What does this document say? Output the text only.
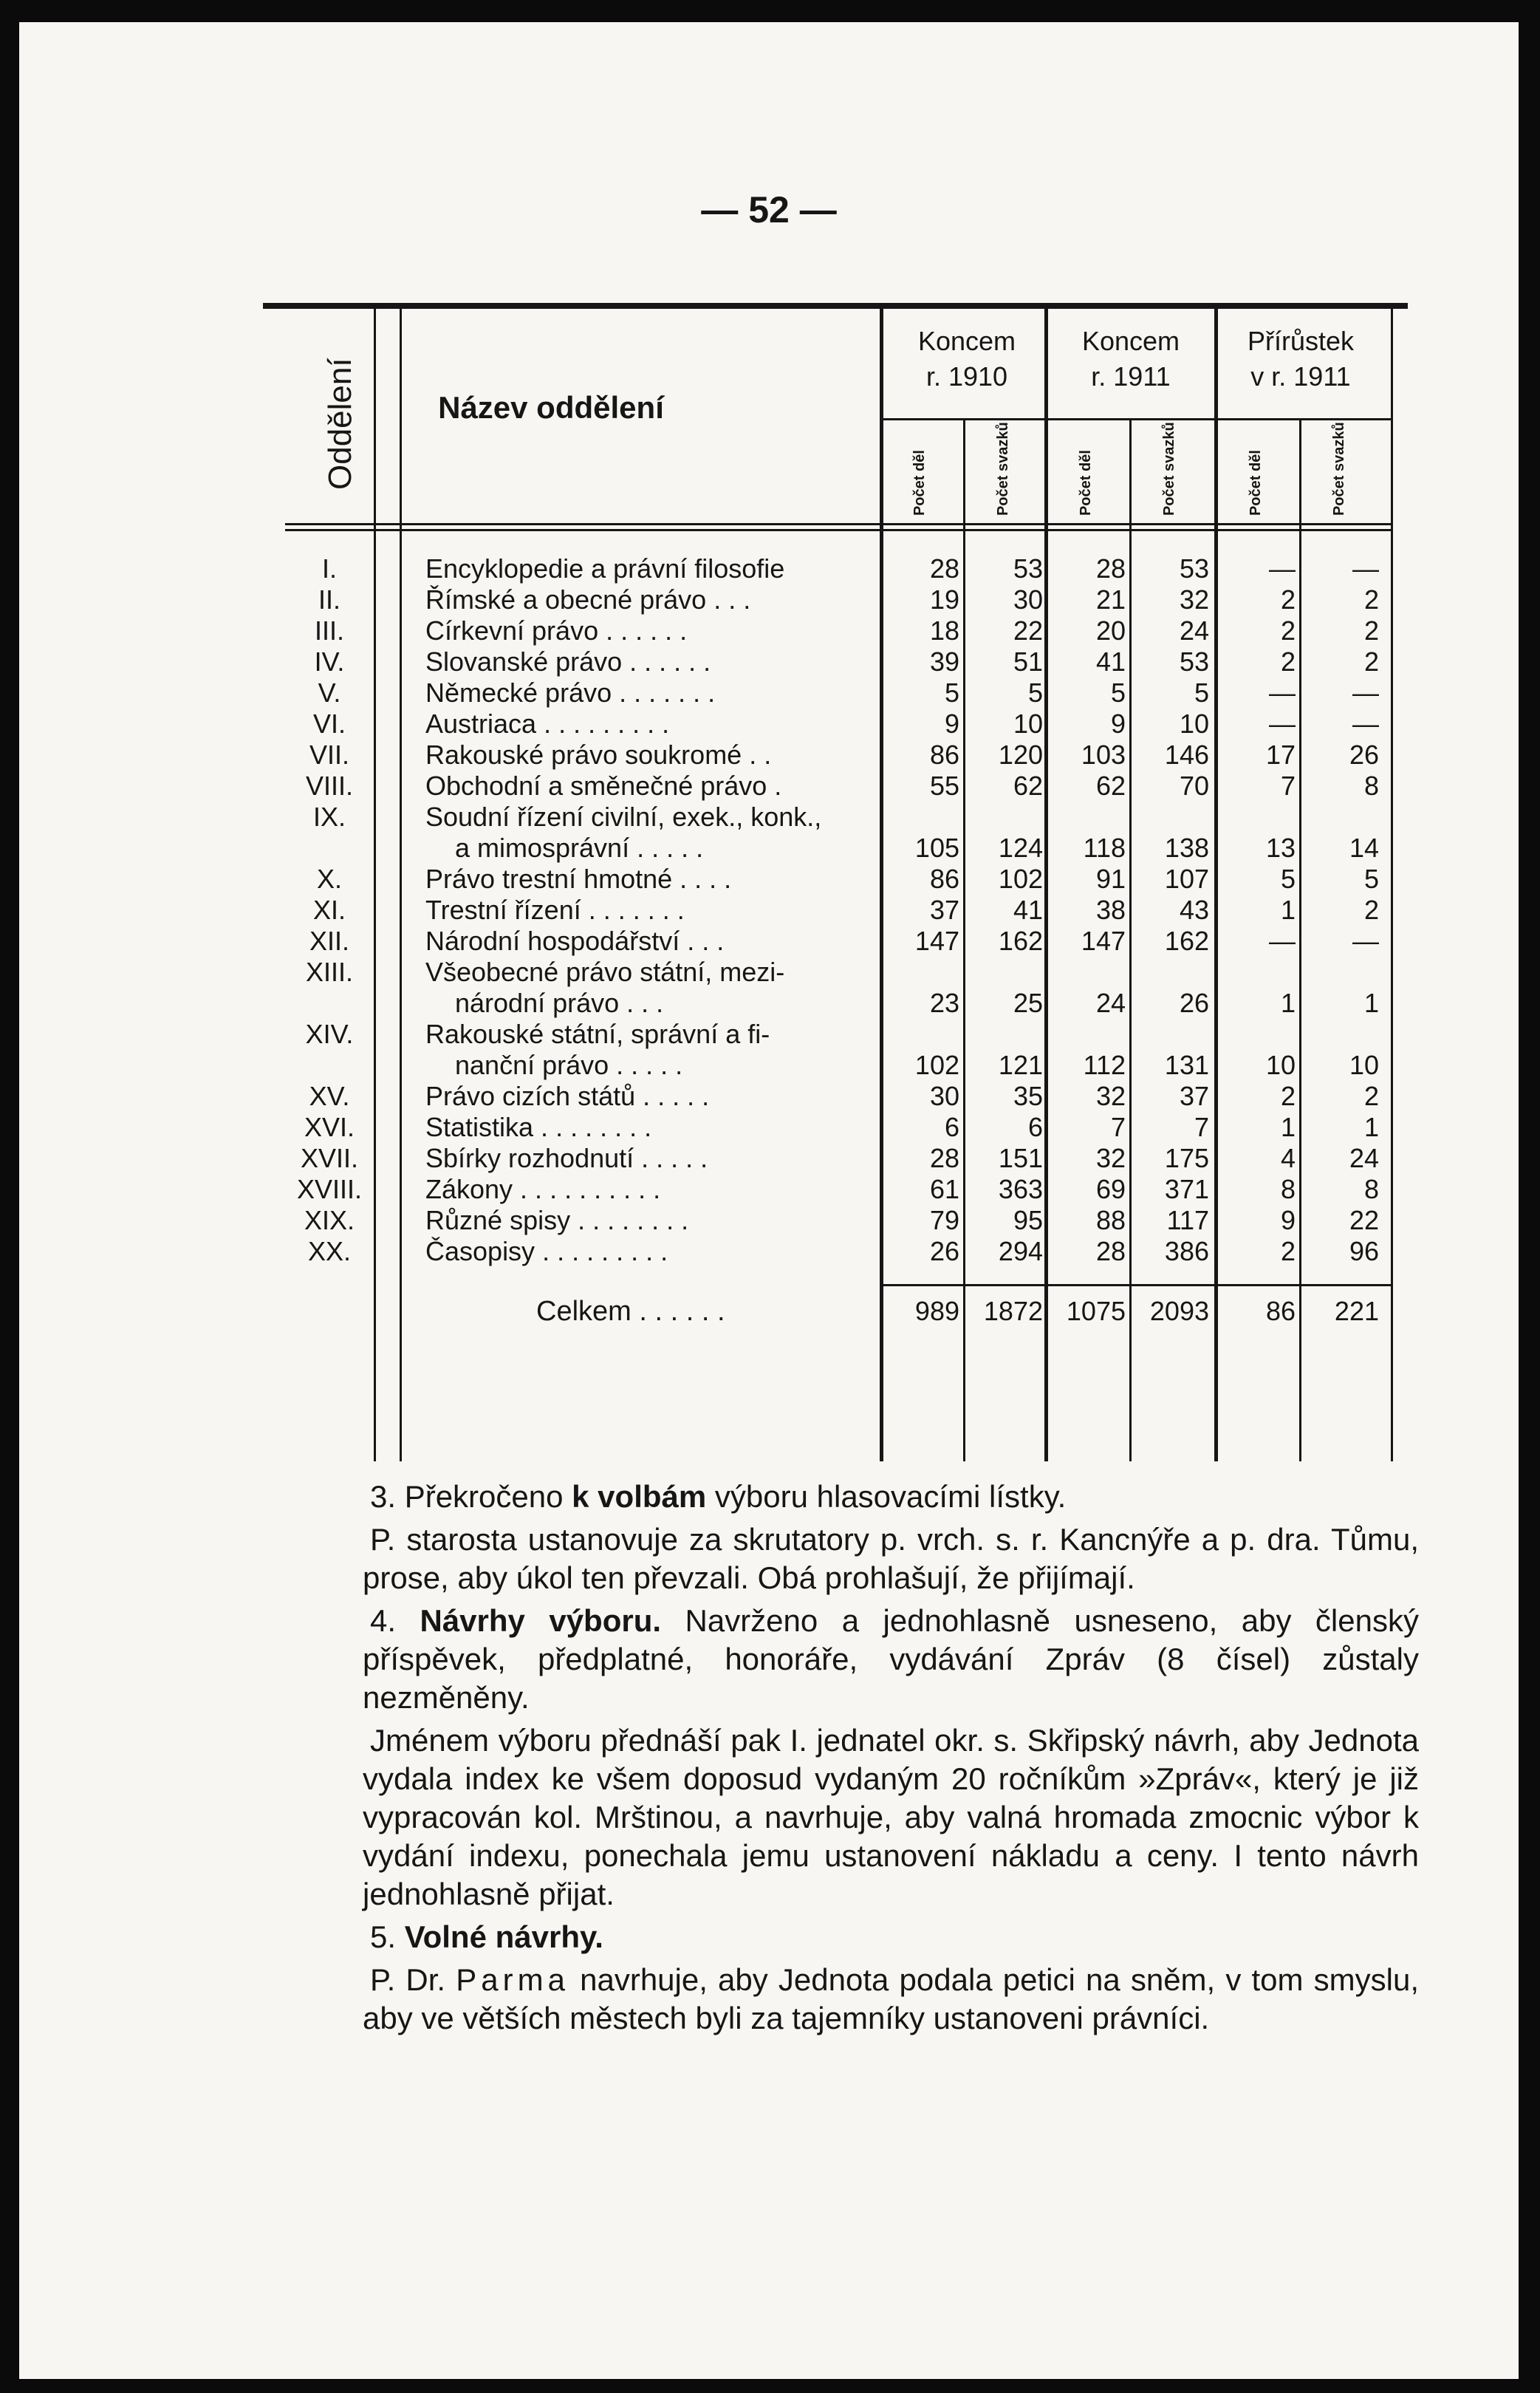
— 52 —
Oddělení	Název oddělení
Koncem
r. 1910
Koncem
r. 1911
Přírůstek
v r. 1911
Počet děl	Počet svazků	Počet děl	Počet svazků	Počet děl	Počet svazků
I.	Encyklopedie a právní filosofie	28	53	28	53	—	—
II.	Římské a obecné právo . . .	19	30	21	32	2	2
III.	Církevní právo . . . . . .	18	22	20	24	2	2
IV.	Slovanské právo . . . . . .	39	51	41	53	2	2
V.	Německé právo . . . . . . .	5	5	5	5	—	—
VI.	Austriaca . . . . . . . . .	9	10	9	10	—	—
VII.	Rakouské právo soukromé . .	86	120	103	146	17	26
VIII.	Obchodní a směnečné právo .	55	62	62	70	7	8
IX.	Soudní řízení civilní, exek., konk.,
a mimosprávní . . . . .	105	124	118	138	13	14
X.	Právo trestní hmotné . . . .	86	102	91	107	5	5
XI.	Trestní řízení . . . . . . .	37	41	38	43	1	2
XII.	Národní hospodářství . . .	147	162	147	162	—	—
XIII.	Všeobecné právo státní, mezi-
národní právo . . .	23	25	24	26	1	1
XIV.	Rakouské státní, správní a fi-
nanční právo . . . . .	102	121	112	131	10	10
XV.	Právo cizích států . . . . .	30	35	32	37	2	2
XVI.	Statistika . . . . . . . .	6	6	7	7	1	1
XVII.	Sbírky rozhodnutí . . . . .	28	151	32	175	4	24
XVIII.	Zákony . . . . . . . . . .	61	363	69	371	8	8
XIX.	Různé spisy . . . . . . . .	79	95	88	117	9	22
XX.	Časopisy . . . . . . . . .	26	294	28	386	2	96
Celkem . . . . . .	989 1872 1075 2093	86	221

3. Překročeno k volbám výboru hlasovacími lístky.

P. starosta ustanovuje za skrutatory p. vrch. s. r. Kancnýře a p. dra. Tůmu, prose, aby úkol ten převzali. Obá prohlašují, že přijímají.

4. Návrhy výboru. Navrženo a jednohlasně usneseno, aby členský příspěvek, předplatné, honoráře, vydávání Zpráv (8 čísel) zůstaly nezměněny.

Jménem výboru přednáší pak I. jednatel okr. s. Skřipský návrh, aby Jednota vydala index ke všem doposud vydaným 20 ročníkům »Zpráv«, který je již vypracován kol. Mrštinou, a navrhuje, aby valná hromada zmocnic výbor k vydání indexu, ponechala jemu ustanovení nákladu a ceny. I tento návrh jednohlasně přijat.

5. Volné návrhy.

P. Dr. Parma navrhuje, aby Jednota podala petici na sněm, v tom smyslu, aby ve větších městech byli za tajemníky ustanoveni právníci.
